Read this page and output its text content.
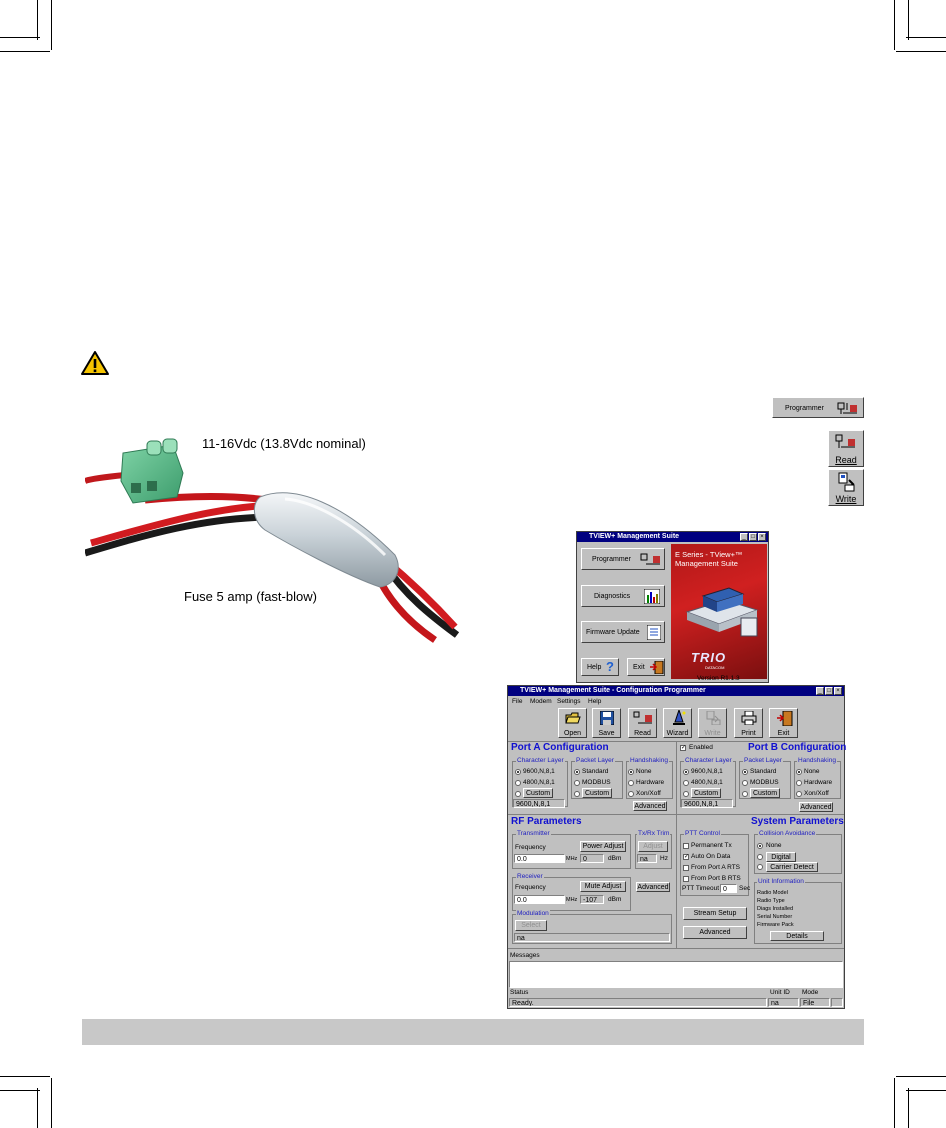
11-16Vdc (13.8Vdc nominal)
Fuse 5 amp (fast-blow)
Programmer
Read
Write
TVIEW+ Management Suite	_ □ ×
Programmer
Diagnostics
Firmware Update
Help ?	Exit
E Series - TView+™ Management Suite
TRIO
DATACOM
Version R1.1.3
TVIEW+ Management Suite - Configuration Programmer	_ □ ×
File Modem Settings Help
Open	Save	Read	Wizard	Write	Print	Exit
Port A Configuration
Character Layer
9600,N,8,1
4800,N,8,1
Custom
9600,N,8,1
Packet Layer
Standard
MODBUS
Custom
Handshaking
None
Hardware
Xon/Xoff
Advanced
✓ Enabled	Port B Configuration
Character Layer
9600,N,8,1
4800,N,8,1
Custom
9600,N,8,1
Packet Layer
Standard
MODBUS
Custom
Handshaking
None
Hardware
Xon/Xoff
Advanced
RF Parameters
Transmitter
Frequency	Power Adjust
0.0	MHz 0	dBm
Tx/Rx Trim
Adjust
na	Hz
Receiver
Frequency	Mute Adjust
0.0	MHz -107	dBm
Advanced
Modulation
Select
na
System Parameters
PTT Control
Permanent Tx
✓ Auto On Data
From Port A RTS
From Port B RTS
PTT Timeout 0	Sec
Collision Avoidance
None
Digital
Carrier Detect
Unit Information
Radio Model
Radio Type
Diags Installed
Serial Number
Firmware Pack
Details
Stream Setup
Advanced
Messages
Status	Unit ID Mode
Ready.	na	File
